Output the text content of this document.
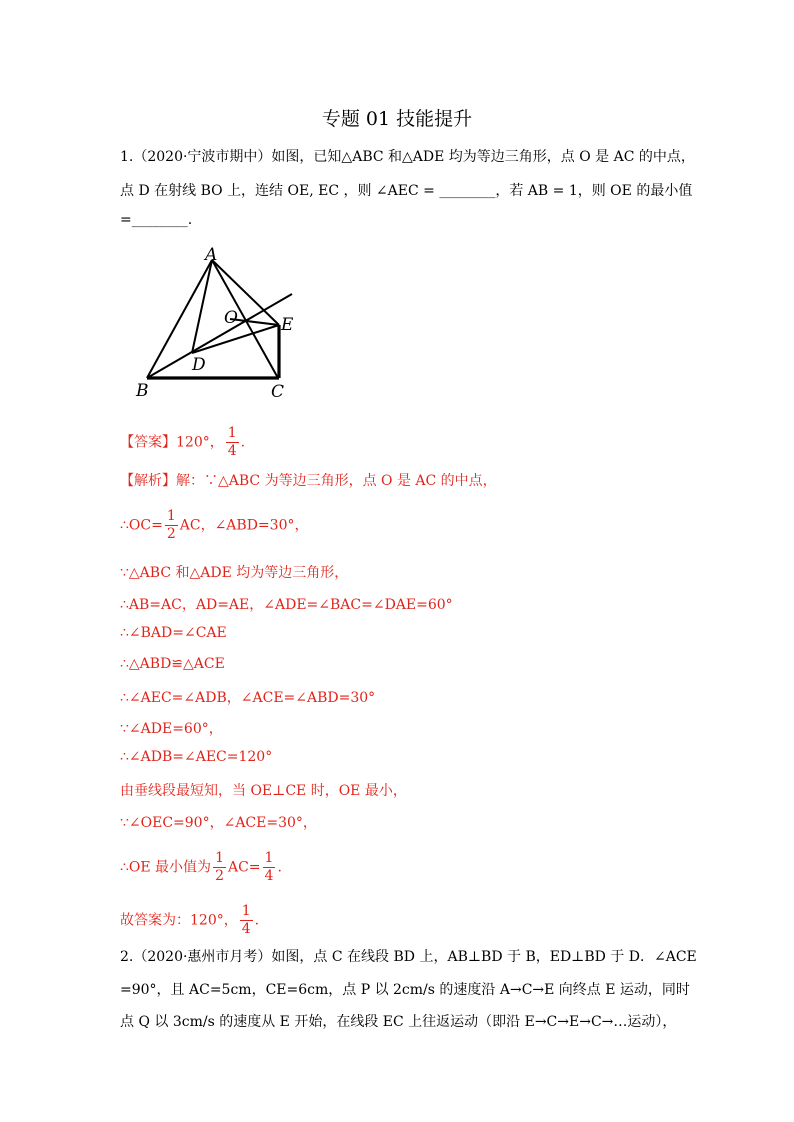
专题 01 技能提升
1.（2020·宁波市期中）如图，已知△ABC 和△ADE 均为等边三角形，点 O 是 AC 的中点，
点 D 在射线 BO 上，连结 OE, EC ，则 ∠AEC = ________，若 AB = 1，则 OE 的最小值
=________.
A
B	C
D
E
O
【答案】120°， $\frac{1}{4}$ .
【解析】解：∵△ABC 为等边三角形，点 O 是 AC 的中点，
∴OC= $\frac{1}{2}$ AC，∠ABD=30°，
∵△ABC 和△ADE 均为等边三角形，
∴AB=AC，AD=AE，∠ADE=∠BAC=∠DAE=60°
∴∠BAD=∠CAE
∴△ABD≌△ACE
∴∠AEC=∠ADB，∠ACE=∠ABD=30°
∵∠ADE=60°，
∴∠ADB=∠AEC=120°
由垂线段最短知，当 OE⊥CE 时，OE 最小，
∵∠OEC=90°，∠ACE=30°，
∴OE 最小值为 $\frac{1}{2} AC= \frac{1}{4}$ .
故答案为：120°， $\frac{1}{4}$ .
2.（2020·惠州市月考）如图，点 C 在线段 BD 上，AB⊥BD 于 B，ED⊥BD 于 D．∠ACE
=90°，且 AC=5cm，CE=6cm，点 P 以 2cm/s 的速度沿 A→C→E 向终点 E 运动，同时
点 Q 以 3cm/s 的速度从 E 开始，在线段 EC 上往返运动（即沿 E→C→E→C→…运动），
